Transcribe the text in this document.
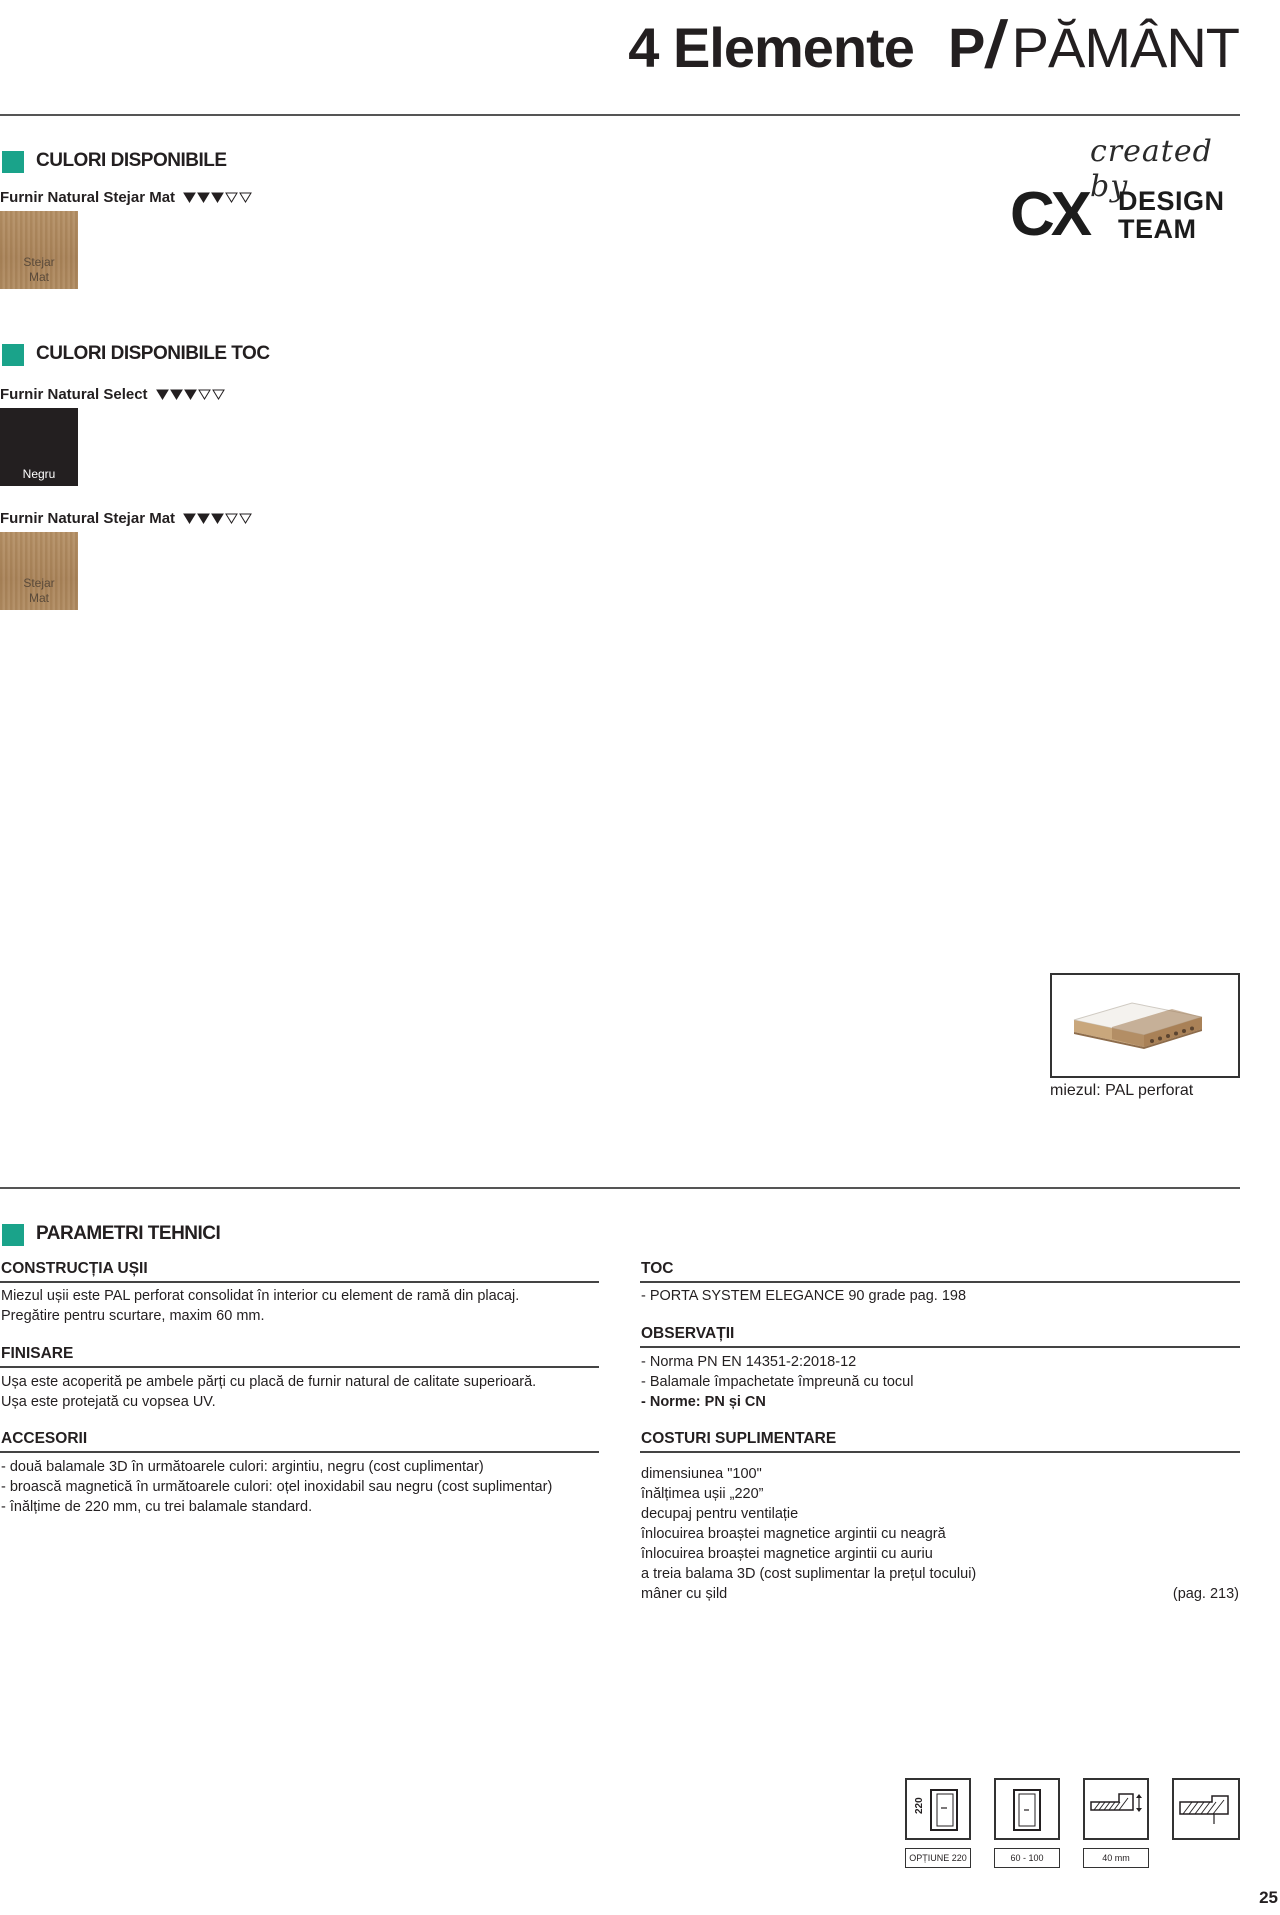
4 Elemente P
/ PĂMÂNT
created by
CX DESIGN
TEAM
CULORI DISPONIBILE
Furnir Natural Stejar Mat
Stejar
Mat
CULORI DISPONIBILE TOC
Furnir Natural Select
Negru
Furnir Natural Stejar Mat
Stejar
Mat
miezul: PAL perforat
PARAMETRI TEHNICI
CONSTRUCȚIA UȘII
Miezul ușii este PAL perforat consolidat în interior cu element de ramă din placaj.
Pregătire pentru scurtare, maxim 60 mm.
FINISARE
Ușa este acoperită pe ambele părți cu placă de furnir natural de calitate superioară.
Ușa este protejată cu vopsea UV.
ACCESORII
- două balamale 3D în următoarele culori: argintiu, negru (cost cuplimentar)
- broască magnetică în următoarele culori: oțel inoxidabil sau negru (cost suplimentar)
- înălțime de 220 mm, cu trei balamale standard.
TOC
- PORTA SYSTEM ELEGANCE 90 grade pag. 198
OBSERVAȚII
- Norma PN EN 14351-2:2018-12
- Balamale împachetate împreună cu tocul
- Norme: PN și CN
COSTURI SUPLIMENTARE
dimensiunea "100"
înălțimea ușii „220”
decupaj pentru ventilație
înlocuirea broaștei magnetice argintii cu neagră
înlocuirea broaștei magnetice argintii cu auriu
a treia balama 3D (cost suplimentar la prețul tocului)
mâner cu șild	(pag. 213)
220
OPȚIUNE 220	60 - 100	40 mm
25
